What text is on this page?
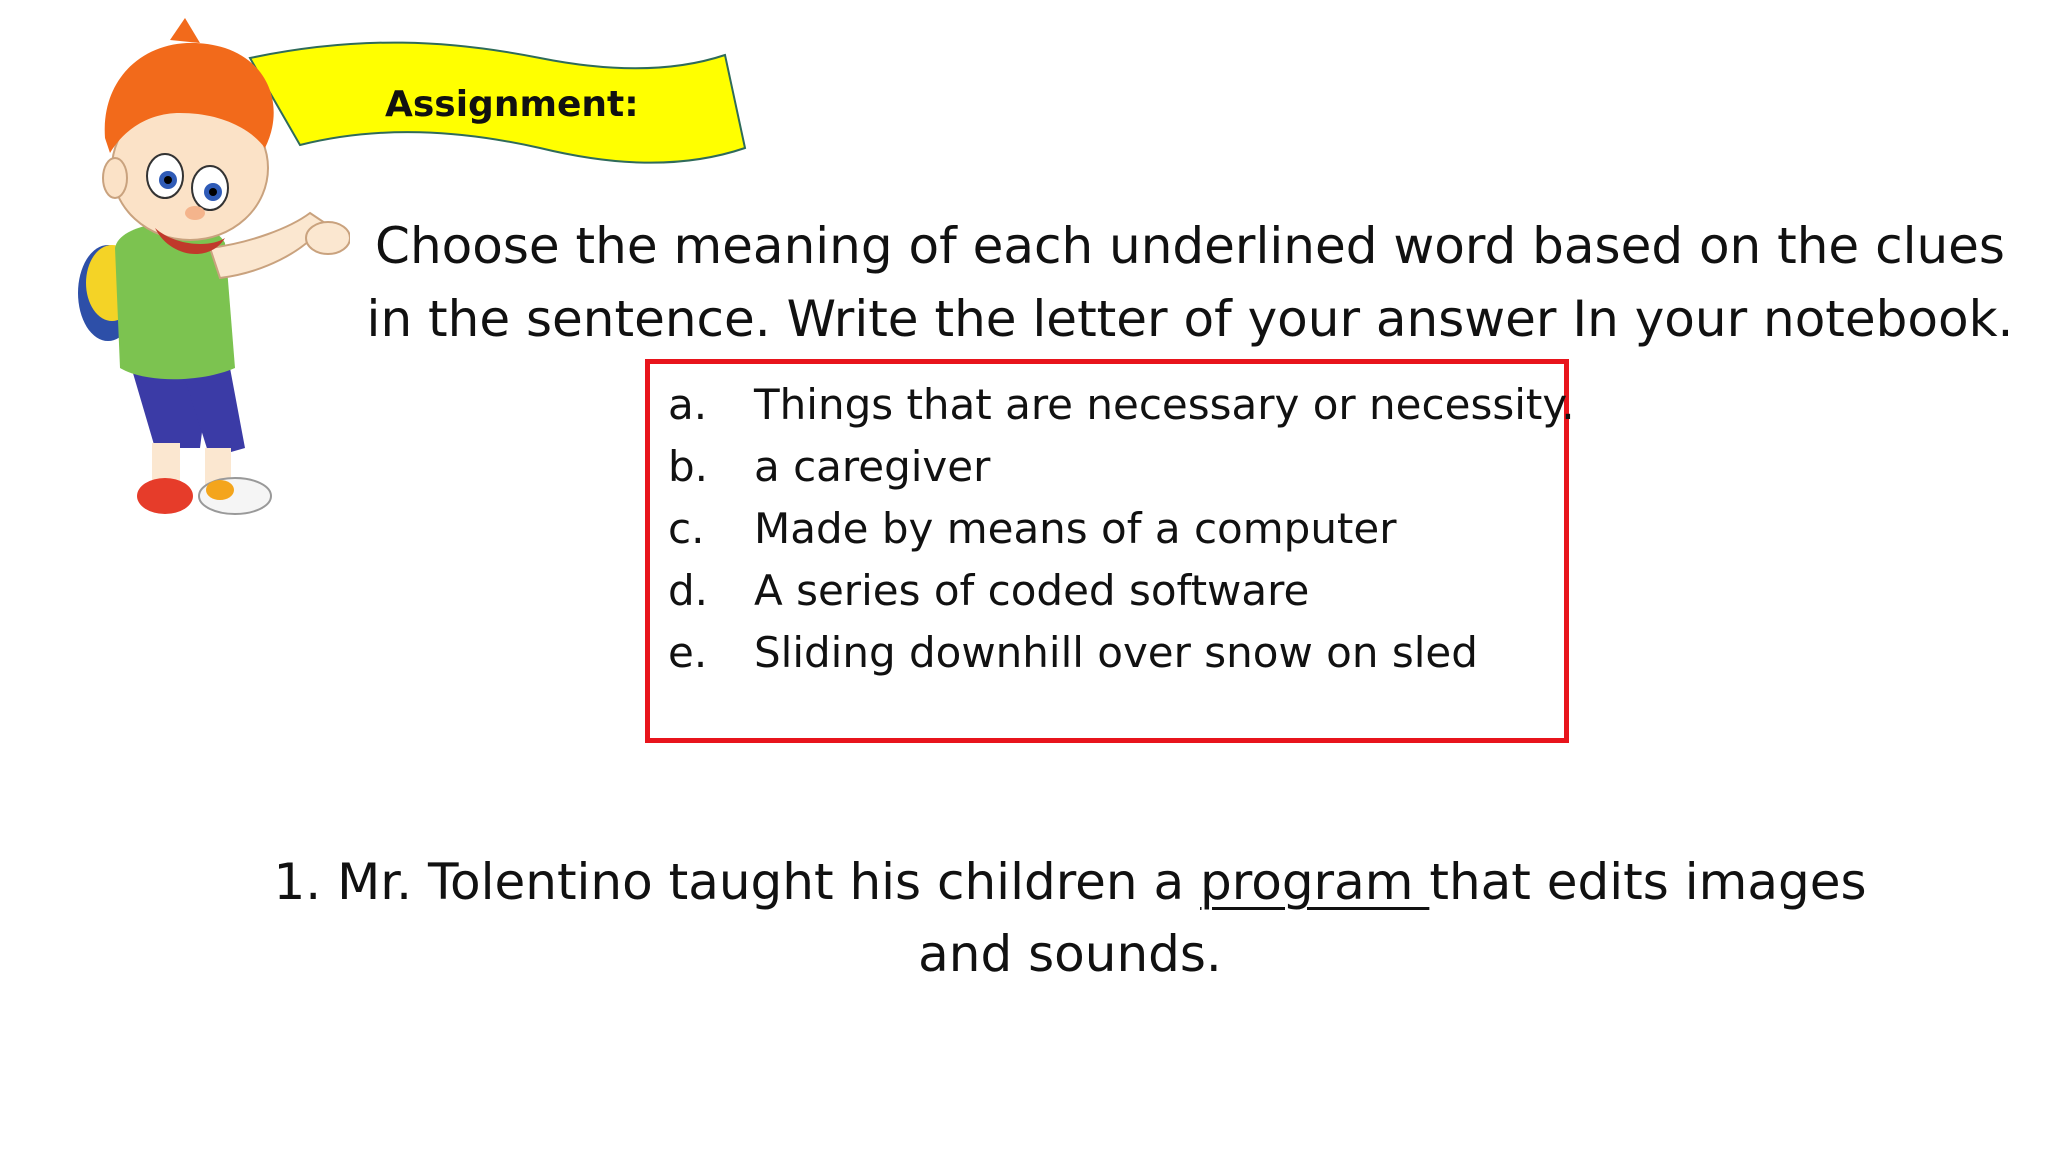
Assignment:
Choose the meaning of each underlined word based on the clues in the sentence. Write the letter of your answer In your notebook.
a.	Things that are necessary or necessity.
b.	a caregiver
c.	Made by means of a computer
d.	A series of coded software
e.	Sliding downhill over snow on sled
1. Mr. Tolentino taught his children a program that edits images and sounds.
